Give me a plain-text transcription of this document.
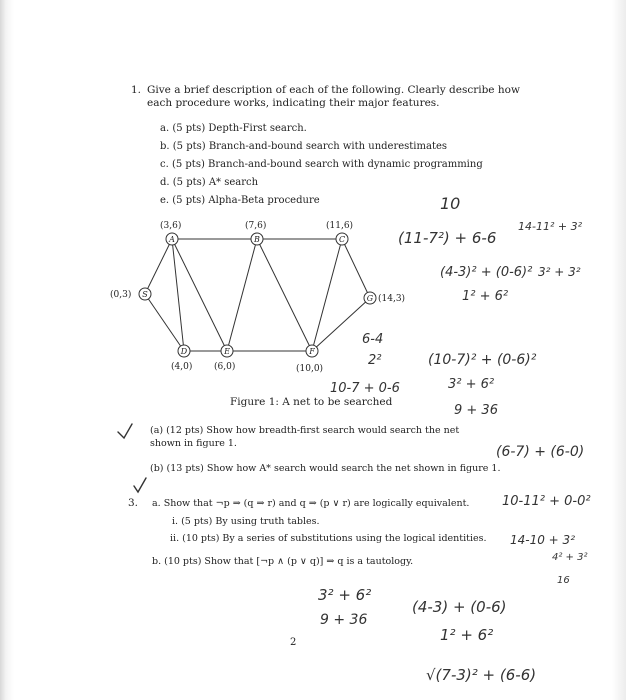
1. Give a brief description of each of the following. Clearly describe how each procedure works, indicating their major features.
a. (5 pts) Depth-First search.
b. (5 pts) Branch-and-bound search with underestimates
c. (5 pts) Branch-and-bound search with dynamic programming
d. (5 pts) A* search
e. (5 pts) Alpha-Beta procedure
S
(0,3)
A
(3,6)
B
(7,6)
C
(11,6)
G (14,3)
D
(4,0)
E
(6,0)
F
(10,0)
Figure 1: A net to be searched
(a) (12 pts) Show how breadth-first search would search the net shown in figure 1.
(b) (13 pts) Show how A* search would search the net shown in figure 1.
3. a. Show that ¬p ⇒ (q ⇒ r) and q ⇒ (p ∨ r) are logically equivalent.
i. (5 pts) By using truth tables.
ii. (10 pts) By a series of substitutions using the logical identities.
b. (10 pts) Show that [¬p ∧ (p ∨ q)] ⇒ q is a tautology.
2
10
(11-7²) + 6-6
14-11² + 3²
(4-3)² + (0-6)² 3² + 3²
1² + 6²
6-4
2²	(10-7)² + (0-6)²
3² + 6²
10-7 + 0-6
9 + 36
(6-7) + (6-0)
10-11² + 0-0²
14-10 + 3²
4² + 3²
3² + 6²
9 + 36
(4-3) + (0-6)
1² + 6²
16
√(7-3)² + (6-6)
